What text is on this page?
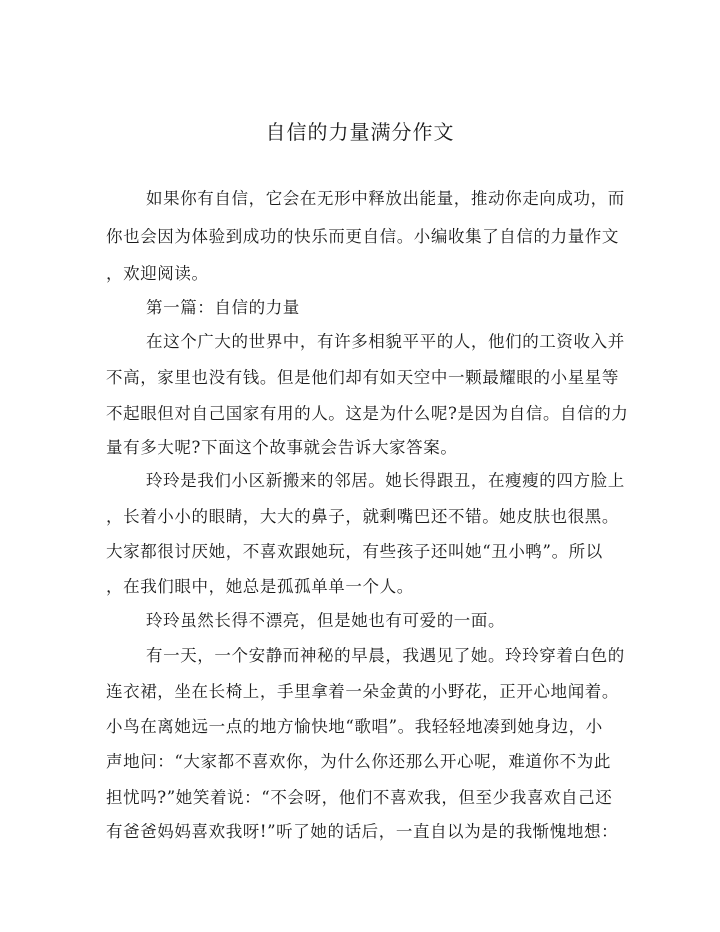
自信的力量满分作文
如果你有自信，它会在无形中释放出能量，推动你走向成功，而
你也会因为体验到成功的快乐而更自信。小编收集了自信的力量作文
，欢迎阅读。
第一篇：自信的力量
在这个广大的世界中，有许多相貌平平的人，他们的工资收入并
不高，家里也没有钱。但是他们却有如天空中一颗最耀眼的小星星等
不起眼但对自己国家有用的人。这是为什么呢?是因为自信。自信的力
量有多大呢?下面这个故事就会告诉大家答案。
玲玲是我们小区新搬来的邻居。她长得跟丑，在瘦瘦的四方脸上
，长着小小的眼睛，大大的鼻子，就剩嘴巴还不错。她皮肤也很黑。
大家都很讨厌她，不喜欢跟她玩，有些孩子还叫她“丑小鸭”。所以
，在我们眼中，她总是孤孤单单一个人。
玲玲虽然长得不漂亮，但是她也有可爱的一面。
有一天，一个安静而神秘的早晨，我遇见了她。玲玲穿着白色的
连衣裙，坐在长椅上，手里拿着一朵金黄的小野花，正开心地闻着。
小鸟在离她远一点的地方愉快地“歌唱”。我轻轻地凑到她身边，小
声地问：“大家都不喜欢你，为什么你还那么开心呢，难道你不为此
担忧吗?”她笑着说：“不会呀，他们不喜欢我，但至少我喜欢自己还
有爸爸妈妈喜欢我呀!”听了她的话后，一直自以为是的我惭愧地想：
